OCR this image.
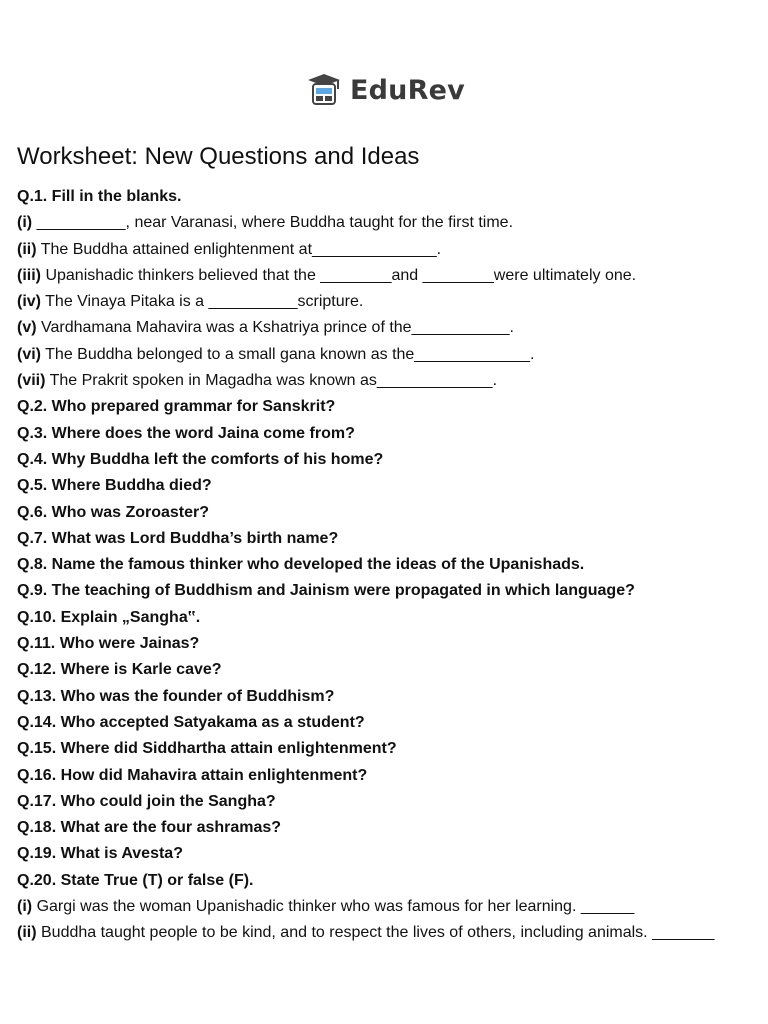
EduRev
Worksheet: New Questions and Ideas
Q.1. Fill in the blanks.
(i) __________, near Varanasi, where Buddha taught for the first time.
(ii) The Buddha attained enlightenment at______________.
(iii) Upanishadic thinkers believed that the ________and ________were ultimately one.
(iv) The Vinaya Pitaka is a __________scripture.
(v) Vardhamana Mahavira was a Kshatriya prince of the___________.
(vi) The Buddha belonged to a small gana known as the_____________.
(vii) The Prakrit spoken in Magadha was known as_____________.
Q.2. Who prepared grammar for Sanskrit?
Q.3. Where does the word Jaina come from?
Q.4. Why Buddha left the comforts of his home?
Q.5. Where Buddha died?
Q.6. Who was Zoroaster?
Q.7. What was Lord Buddha’s birth name?
Q.8. Name the famous thinker who developed the ideas of the Upanishads.
Q.9. The teaching of Buddhism and Jainism were propagated in which language?
Q.10. Explain „Sangha‟.
Q.11. Who were Jainas?
Q.12. Where is Karle cave?
Q.13. Who was the founder of Buddhism?
Q.14. Who accepted Satyakama as a student?
Q.15. Where did Siddhartha attain enlightenment?
Q.16. How did Mahavira attain enlightenment?
Q.17. Who could join the Sangha?
Q.18. What are the four ashramas?
Q.19. What is Avesta?
Q.20. State True (T) or false (F).
(i) Gargi was the woman Upanishadic thinker who was famous for her learning. ______
(ii) Buddha taught people to be kind, and to respect the lives of others, including animals. _______
